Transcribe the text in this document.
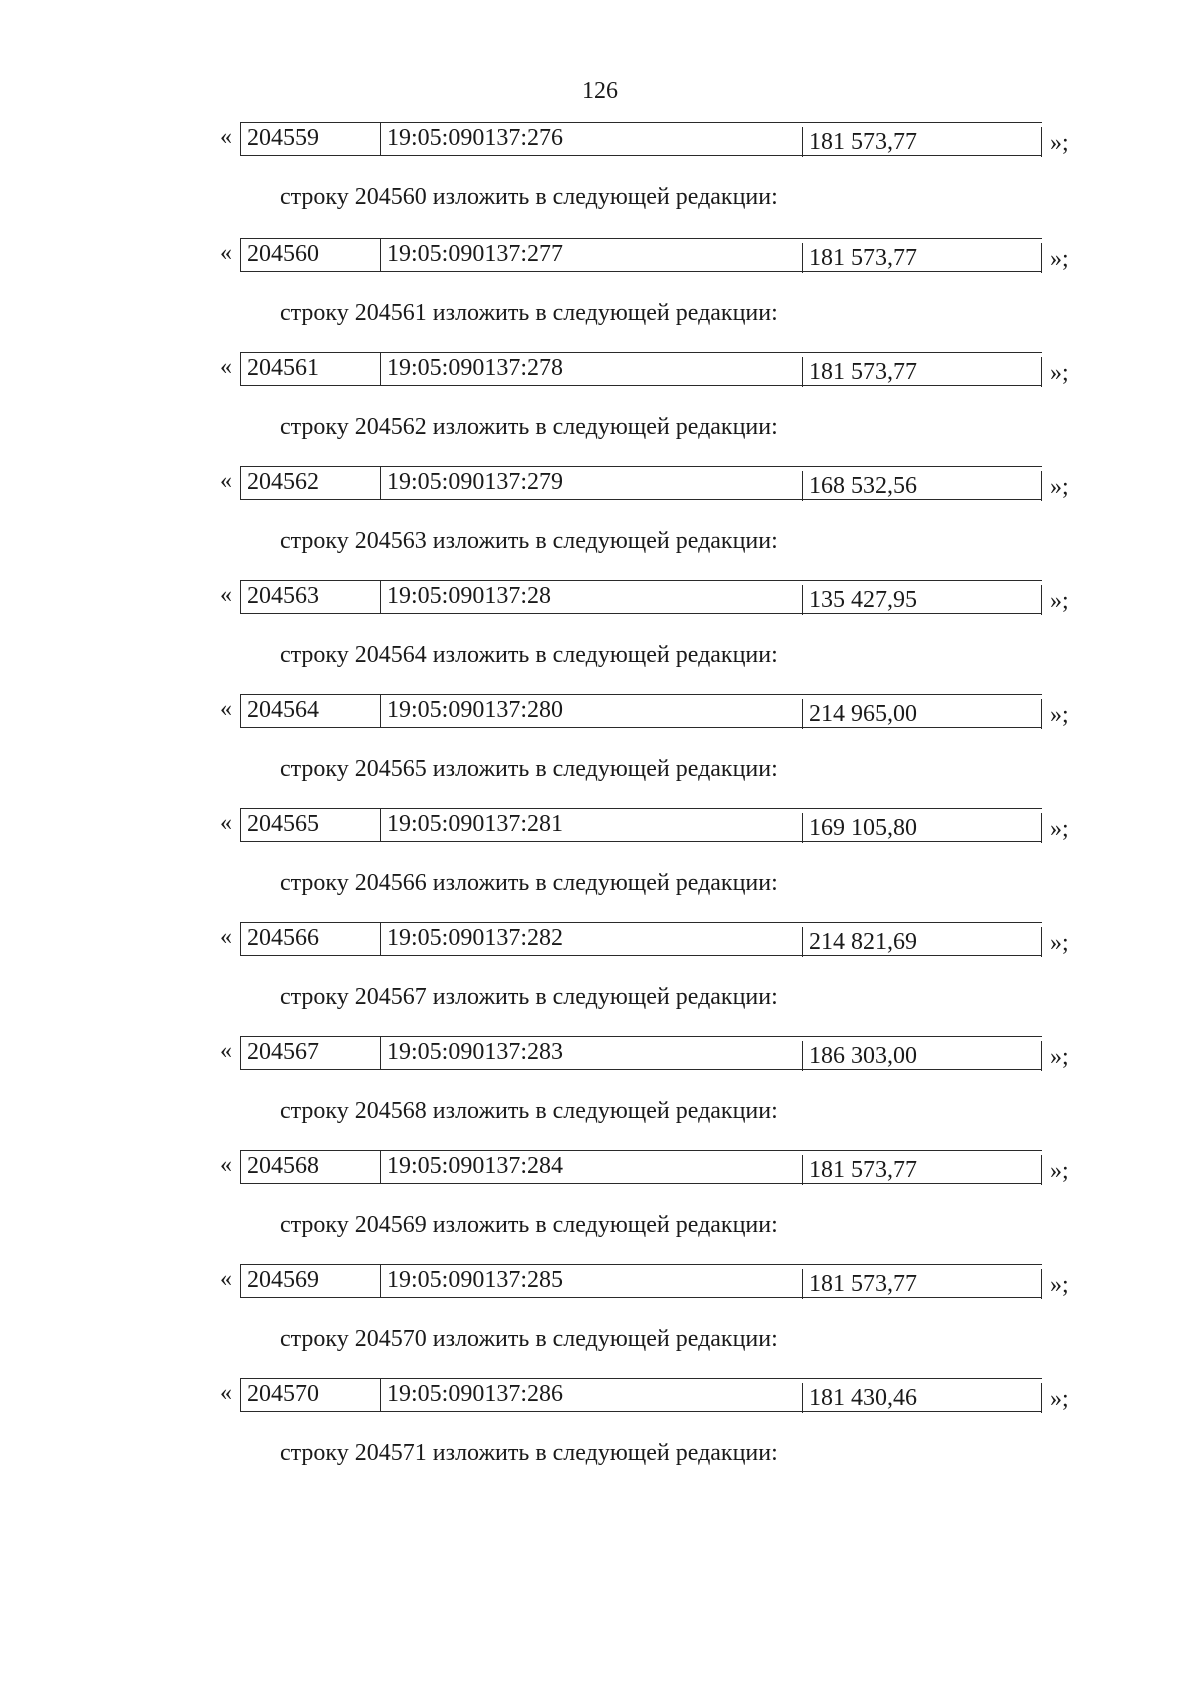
126
« 204559	19:05:090137:276	181 573,77	»;
строку 204560 изложить в следующей редакции:
« 204560	19:05:090137:277	181 573,77	»;
строку 204561 изложить в следующей редакции:
« 204561	19:05:090137:278	181 573,77	»;
строку 204562 изложить в следующей редакции:
« 204562	19:05:090137:279	168 532,56	»;
строку 204563 изложить в следующей редакции:
« 204563	19:05:090137:28	135 427,95	»;
строку 204564 изложить в следующей редакции:
« 204564	19:05:090137:280	214 965,00	»;
строку 204565 изложить в следующей редакции:
« 204565	19:05:090137:281	169 105,80	»;
строку 204566 изложить в следующей редакции:
« 204566	19:05:090137:282	214 821,69	»;
строку 204567 изложить в следующей редакции:
« 204567	19:05:090137:283	186 303,00	»;
строку 204568 изложить в следующей редакции:
« 204568	19:05:090137:284	181 573,77	»;
строку 204569 изложить в следующей редакции:
« 204569	19:05:090137:285	181 573,77	»;
строку 204570 изложить в следующей редакции:
« 204570	19:05:090137:286	181 430,46	»;
строку 204571 изложить в следующей редакции:
